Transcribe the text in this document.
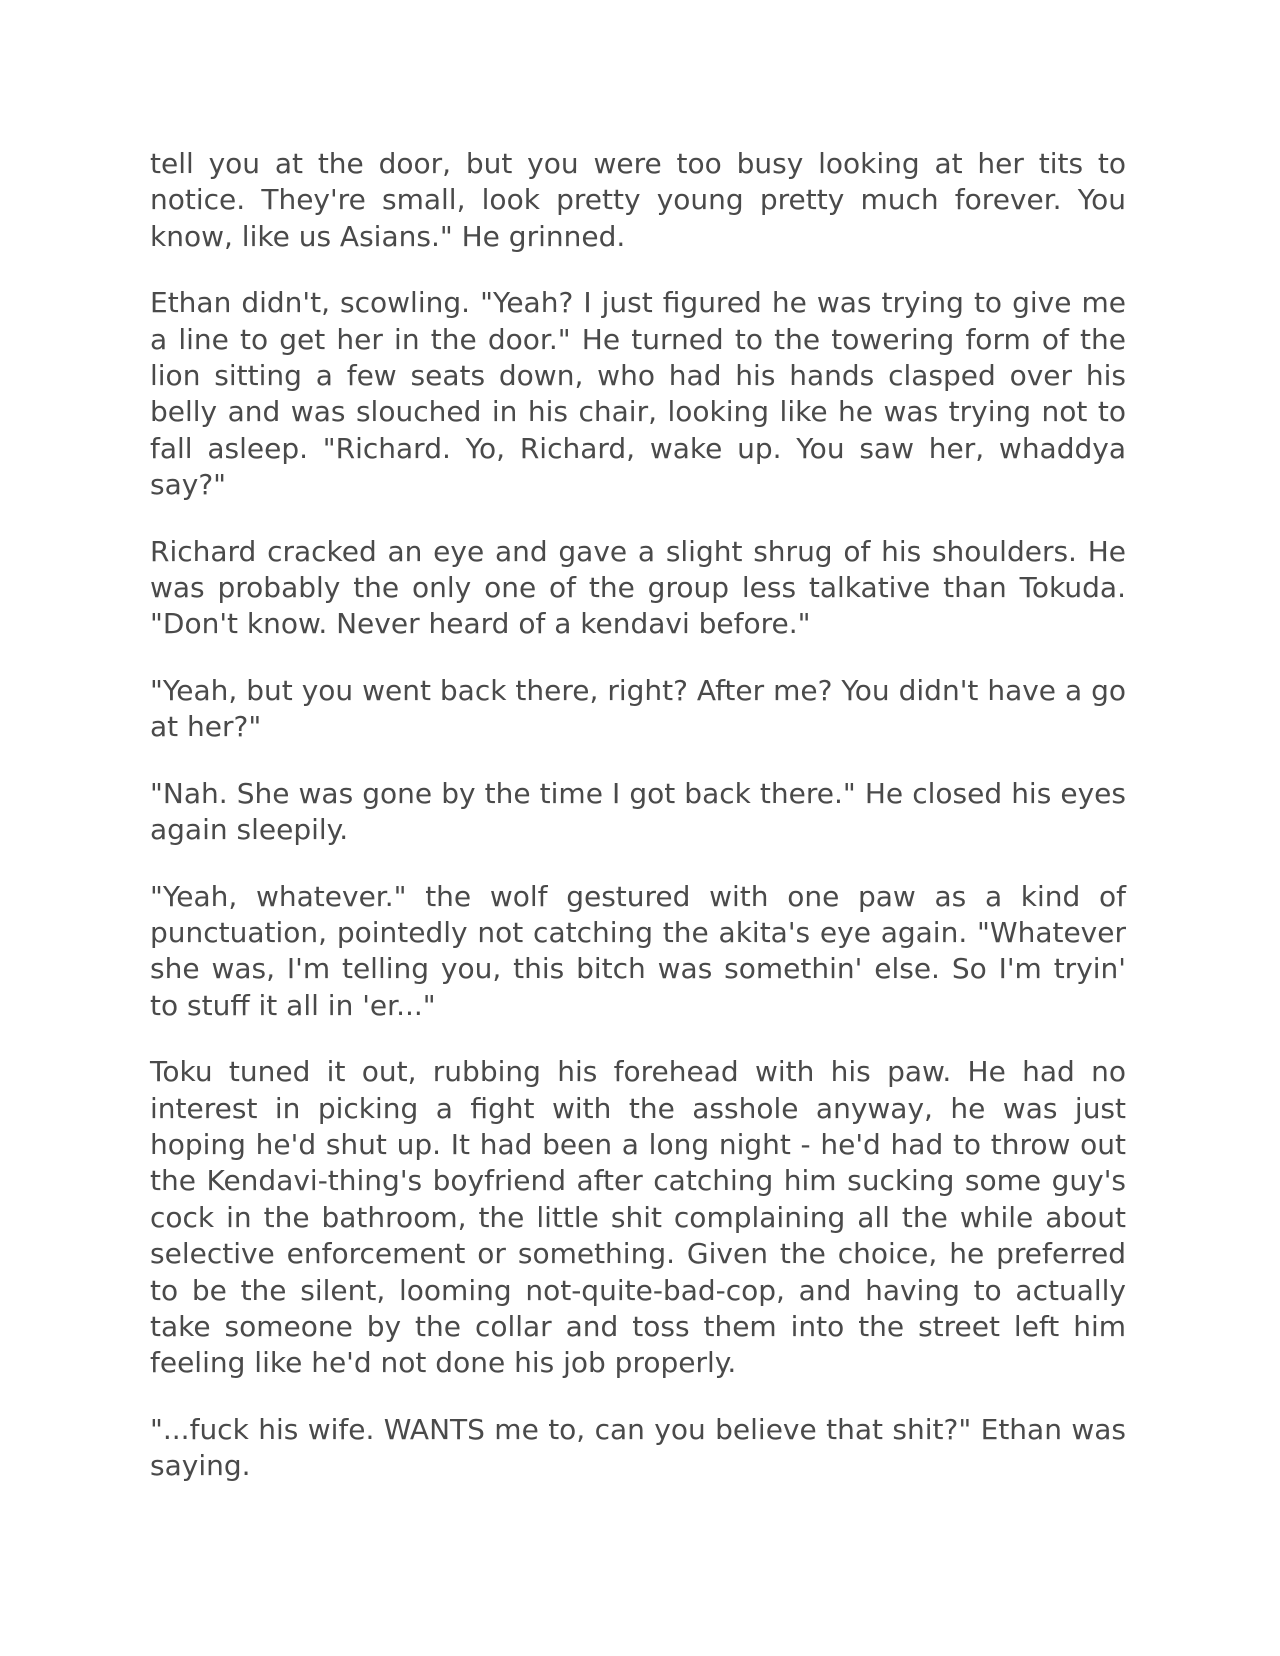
tell you at the door, but you were too busy looking at her tits to notice. They're small, look pretty young pretty much forever. You know, like us Asians." He grinned.

Ethan didn't, scowling. "Yeah? I just figured he was trying to give me a line to get her in the door." He turned to the towering form of the lion sitting a few seats down, who had his hands clasped over his belly and was slouched in his chair, looking like he was trying not to fall asleep. "Richard. Yo, Richard, wake up. You saw her, whaddya say?"

Richard cracked an eye and gave a slight shrug of his shoulders. He was probably the only one of the group less talkative than Tokuda. "Don't know. Never heard of a kendavi before."

"Yeah, but you went back there, right? After me? You didn't have a go at her?"

"Nah. She was gone by the time I got back there." He closed his eyes again sleepily.

"Yeah, whatever." the wolf gestured with one paw as a kind of punctuation, pointedly not catching the akita's eye again. "Whatever she was, I'm telling you, this bitch was somethin' else. So I'm tryin' to stuff it all in 'er..."

Toku tuned it out, rubbing his forehead with his paw. He had no interest in picking a fight with the asshole anyway, he was just hoping he'd shut up. It had been a long night - he'd had to throw out the Kendavi-thing's boyfriend after catching him sucking some guy's cock in the bathroom, the little shit complaining all the while about selective enforcement or something. Given the choice, he preferred to be the silent, looming not-quite-bad-cop, and having to actually take someone by the collar and toss them into the street left him feeling like he'd not done his job properly.

"...fuck his wife. WANTS me to, can you believe that shit?" Ethan was saying.
